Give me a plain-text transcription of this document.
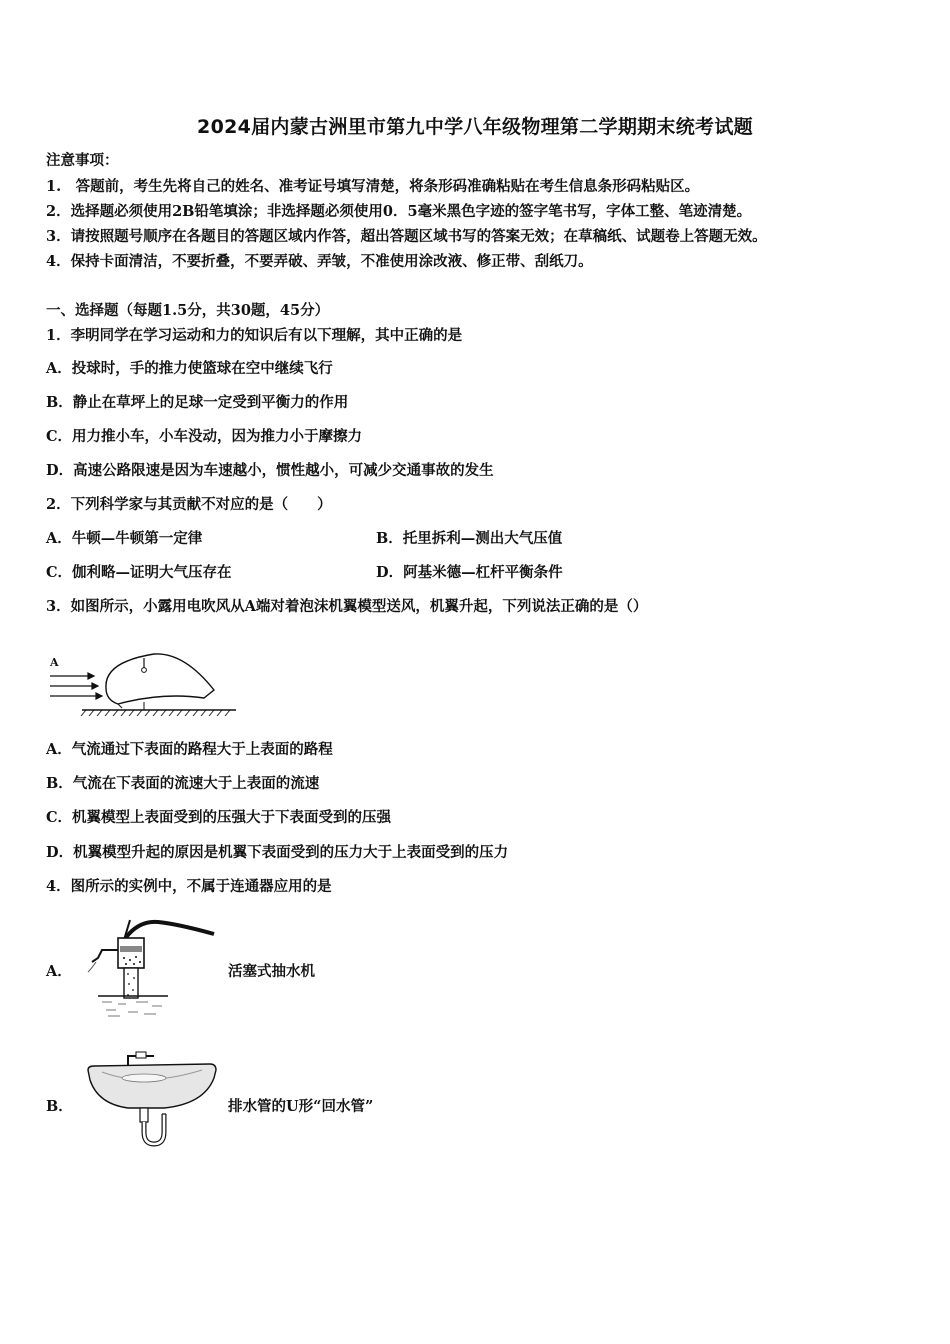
2024届内蒙古洲里市第九中学八年级物理第二学期期末统考试题
注意事项：
1.　答题前，考生先将自己的姓名、准考证号填写清楚，将条形码准确粘贴在考生信息条形码粘贴区。
2．选择题必须使用2B铅笔填涂；非选择题必须使用0．5毫米黑色字迹的签字笔书写，字体工整、笔迹清楚。
3．请按照题号顺序在各题目的答题区域内作答，超出答题区域书写的答案无效；在草稿纸、试题卷上答题无效。
4．保持卡面清洁，不要折叠，不要弄破、弄皱，不准使用涂改液、修正带、刮纸刀。
一、选择题（每题1.5分，共30题，45分）
1．李明同学在学习运动和力的知识后有以下理解，其中正确的是
A．投球时，手的推力使篮球在空中继续飞行
B．静止在草坪上的足球一定受到平衡力的作用
C．用力推小车，小车没动，因为推力小于摩擦力
D．高速公路限速是因为车速越小，惯性越小，可减少交通事故的发生
2．下列科学家与其贡献不对应的是（　　）
A．牛顿—牛顿第一定律	B．托里拆利—测出大气压值
C．伽利略—证明大气压存在	D．阿基米德—杠杆平衡条件
3．如图所示，小露用电吹风从A端对着泡沫机翼模型送风，机翼升起，下列说法正确的是（）
A
A．气流通过下表面的路程大于上表面的路程
B．气流在下表面的流速大于上表面的流速
C．机翼模型上表面受到的压强大于下表面受到的压强
D．机翼模型升起的原因是机翼下表面受到的压力大于上表面受到的压力
4．图所示的实例中，不属于连通器应用的是
A．	活塞式抽水机
B．	排水管的U形“回水管”
